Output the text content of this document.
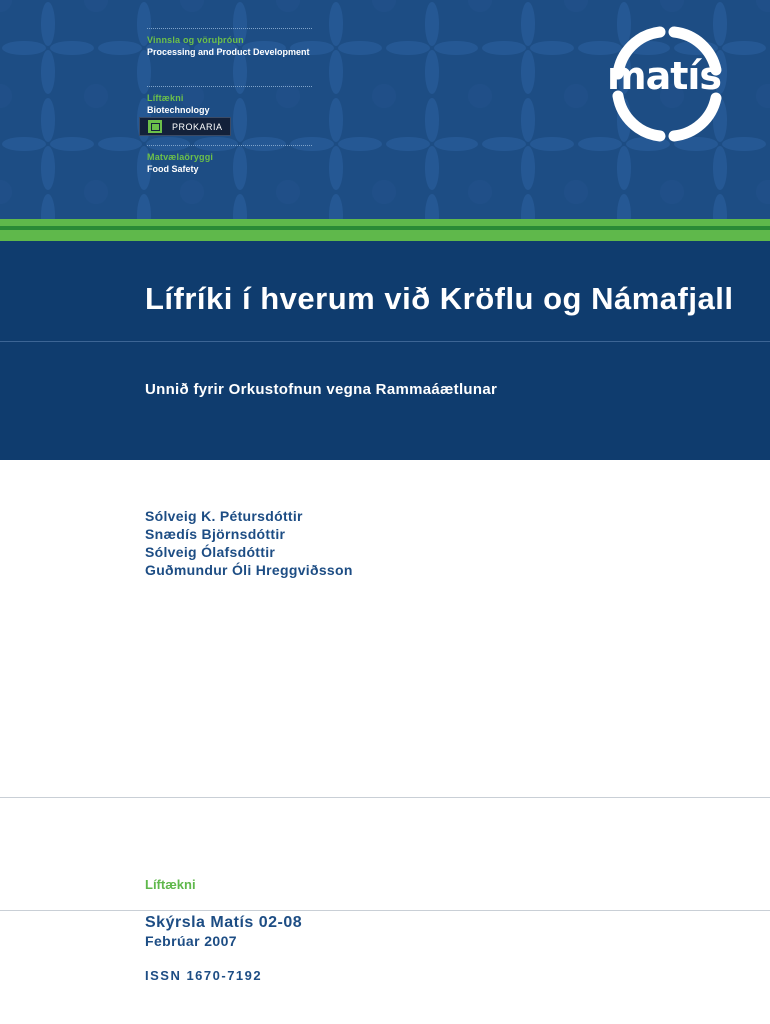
Vinnsla og vöruþróun
Processing and Product Development
Líftækni
Biotechnology
PROKARIA
Matvælaöryggi
Food Safety
matís
Lífríki í hverum við Kröflu og Námafjall

Unnið fyrir Orkustofnun vegna Rammaáætlunar

Sólveig K. Pétursdóttir
Snædís Björnsdóttir
Sólveig Ólafsdóttir
Guðmundur Óli Hreggviðsson
Líftækni
Skýrsla Matís 02-08
Febrúar 2007
ISSN 1670-7192
